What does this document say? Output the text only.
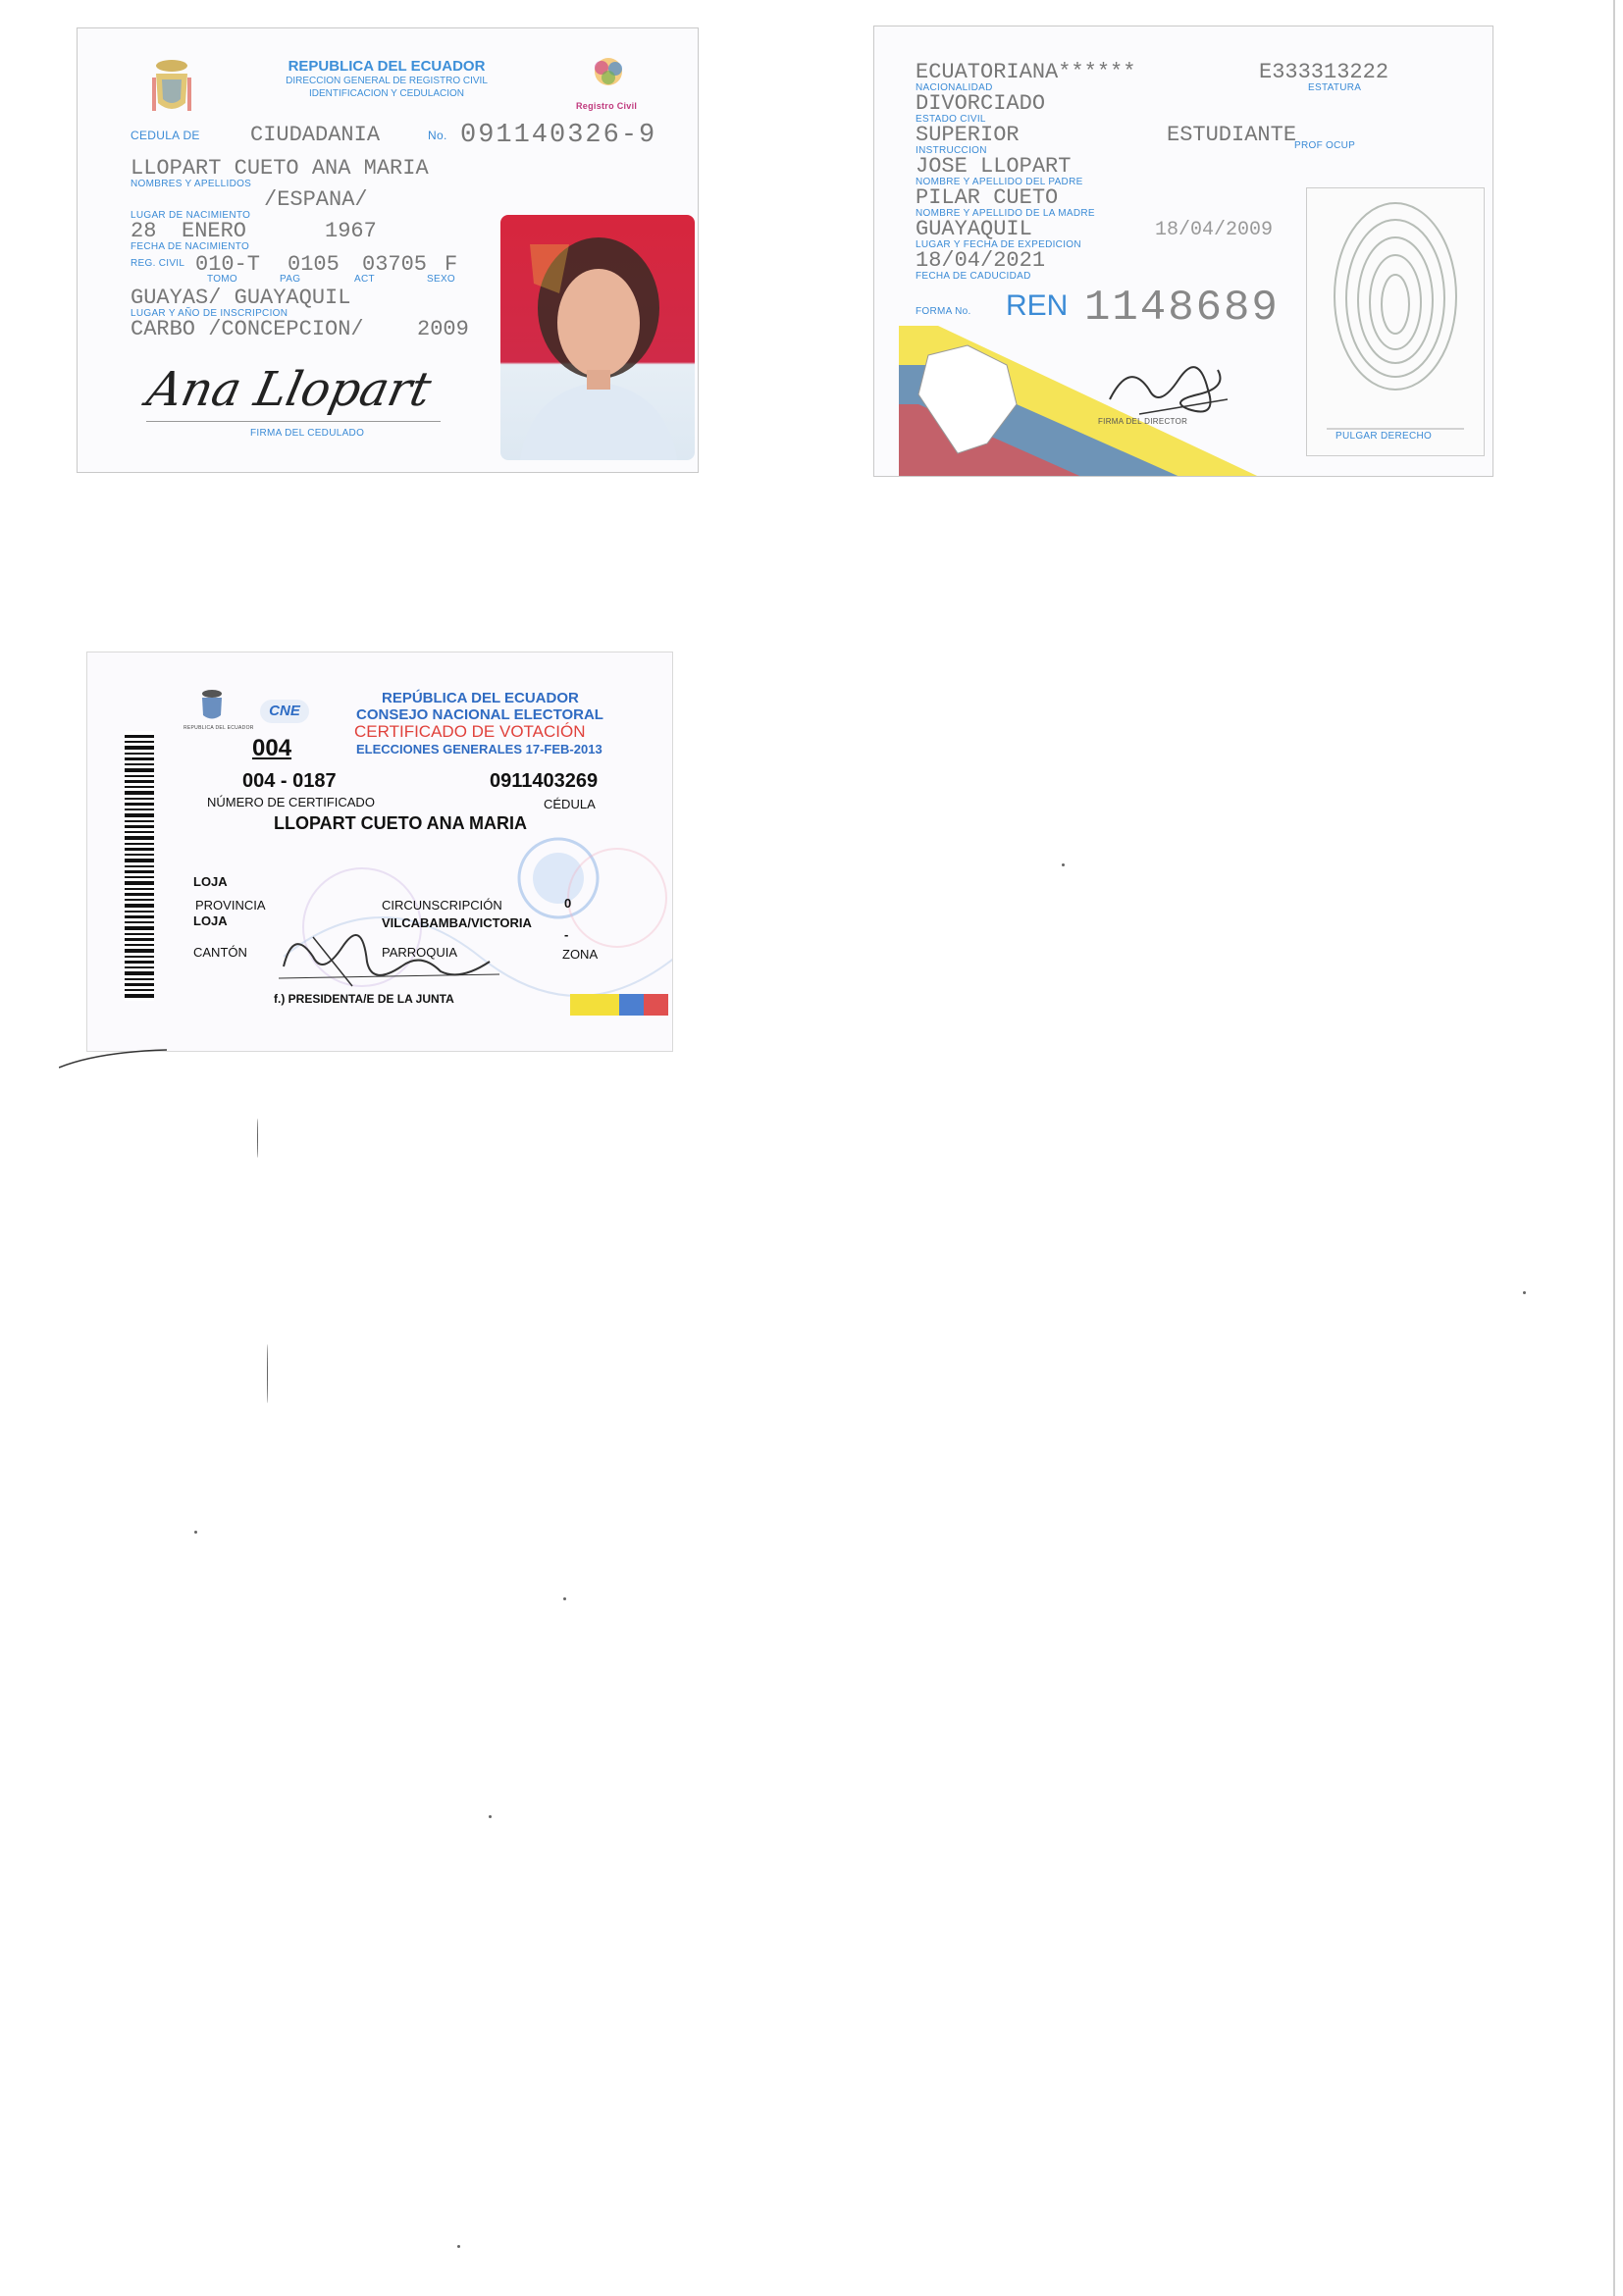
REPUBLICA DEL ECUADOR
DIRECCION GENERAL DE REGISTRO CIVIL
IDENTIFICACION Y CEDULACION
Registro Civil
CEDULA DE CIUDADANIA	No. 091140326-9
LLOPART CUETO ANA MARIA
NOMBRES Y APELLIDOS
/ESPANA/
LUGAR DE NACIMIENTO
28 ENERO	1967
FECHA DE NACIMIENTO
REG. CIVIL 010-T 0105 03705 F
TOMO	PAG	ACT	SEXO
GUAYAS/ GUAYAQUIL
LUGAR Y AÑO DE INSCRIPCION
CARBO /CONCEPCION/ 2009
Ana Llopart
FIRMA DEL CEDULADO
ECUATORIANA******
NACIONALIDAD
E333313222
ESTATURA
DIVORCIADO
ESTADO CIVIL
SUPERIOR
INSTRUCCION
ESTUDIANTE
PROF OCUP
JOSE LLOPART
NOMBRE Y APELLIDO DEL PADRE
PILAR CUETO
NOMBRE Y APELLIDO DE LA MADRE
GUAYAQUIL	18/04/2009
LUGAR Y FECHA DE EXPEDICION
18/04/2021
FECHA DE CADUCIDAD
FORMA No. REN 1148689
FIRMA DEL DIRECTOR
PULGAR DERECHO
REPUBLICA DEL ECUADOR
CNE
REPÚBLICA DEL ECUADOR
CONSEJO NACIONAL ELECTORAL
CERTIFICADO DE VOTACIÓN
ELECCIONES GENERALES 17-FEB-2013
004
004 - 0187
NÚMERO DE CERTIFICADO
0911403269
CÉDULA
LLOPART CUETO ANA MARIA
LOJA
PROVINCIA
LOJA
CANTÓN
CIRCUNSCRIPCIÓN	0
VILCABAMBA/VICTORIA
-
PARROQUIA	ZONA
f.) PRESIDENTA/E DE LA JUNTA
